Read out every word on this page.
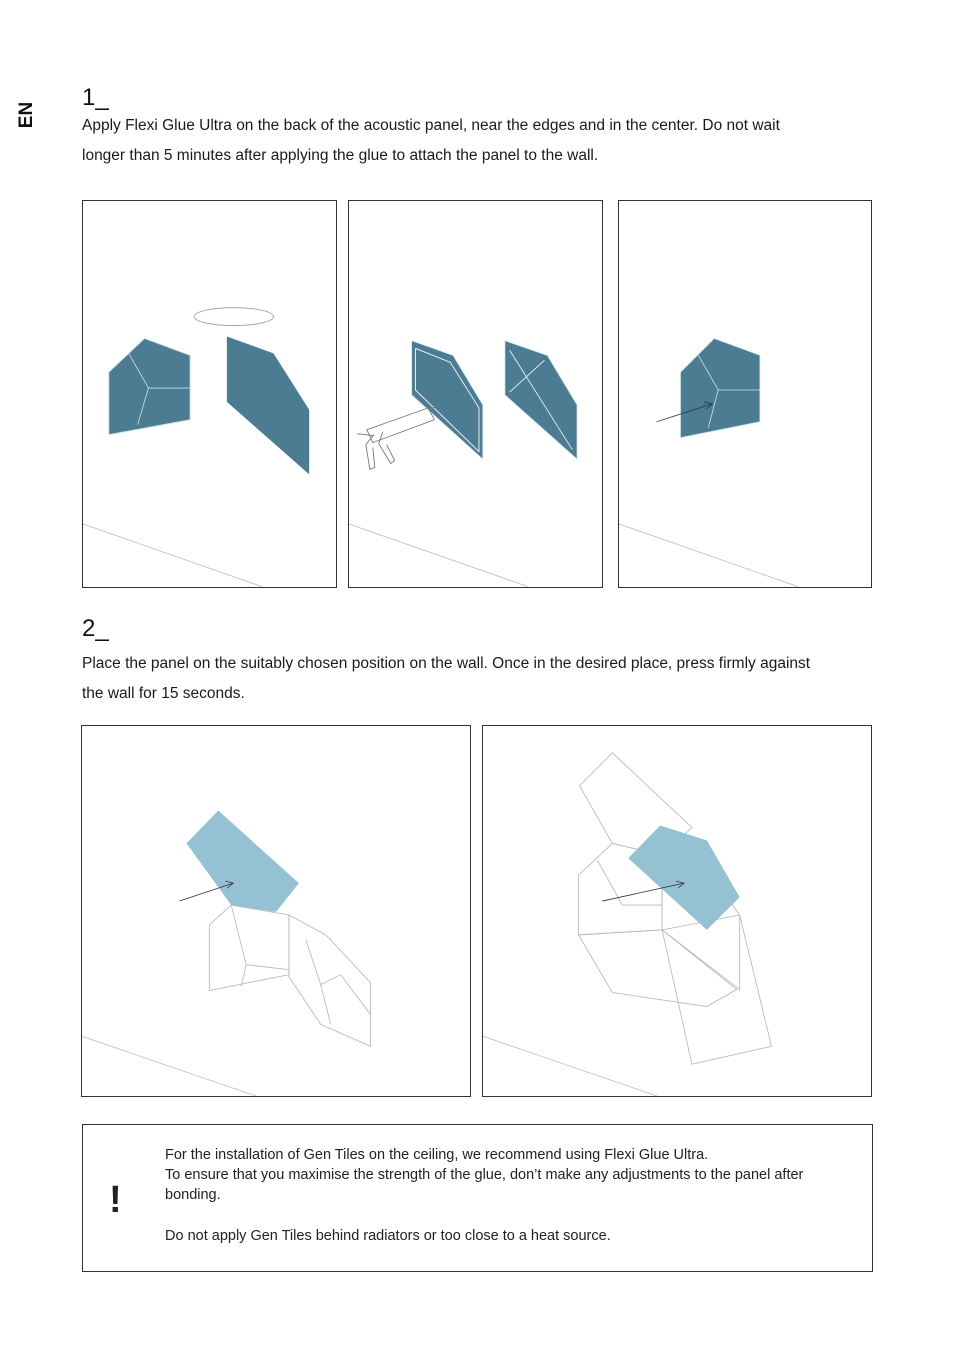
EN
1_
Apply Flexi Glue Ultra on the back of the acoustic panel, near the edges and in the center. Do not wait longer than 5 minutes after applying the glue to attach the panel to the wall.
2_
Place the panel on the suitably chosen position on the wall. Once in the desired place, press firmly against the wall for 15 seconds.
!

For the installation of Gen Tiles on the ceiling, we recommend using Flexi Glue Ultra.

To ensure that you maximise the strength of the glue, don’t make any adjustments to the panel after bonding.

Do not apply Gen Tiles behind radiators or too close to a heat source.
